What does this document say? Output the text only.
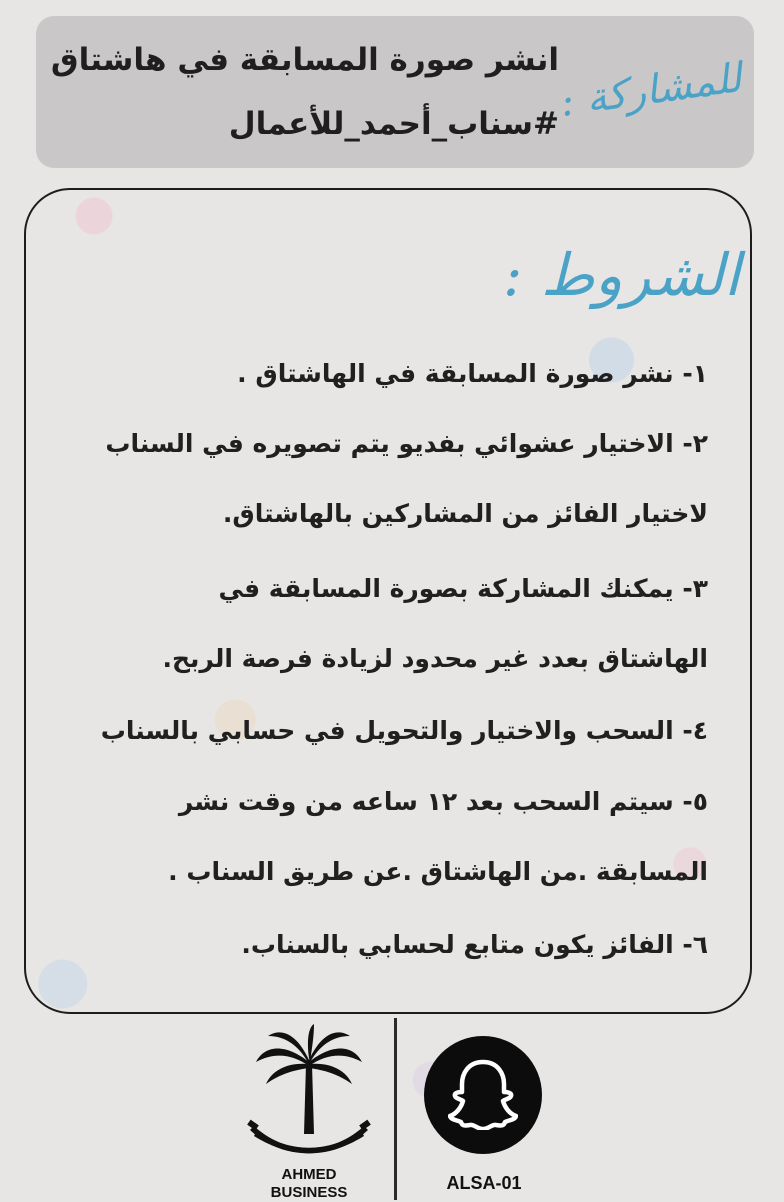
انشر صورة المسابقة في هاشتاق
#سناب_أحمد_للأعمال
للمشاركة :
الشروط :
١- نشر صورة المسابقة في الهاشتاق .
٢- الاختيار عشوائي بفديو يتم تصويره في السناب
لاختيار الفائز من المشاركين بالهاشتاق.
٣- يمكنك المشاركة بصورة المسابقة في
الهاشتاق بعدد غير محدود لزيادة فرصة الربح.
٤- السحب والاختيار والتحويل في حسابي بالسناب
٥- سيتم السحب بعد ١٢ ساعه من وقت نشر
المسابقة .من الهاشتاق .عن طريق السناب .
٦- الفائز يكون متابع لحسابي بالسناب.
AHMED
BUSINESS	ALSA-01
